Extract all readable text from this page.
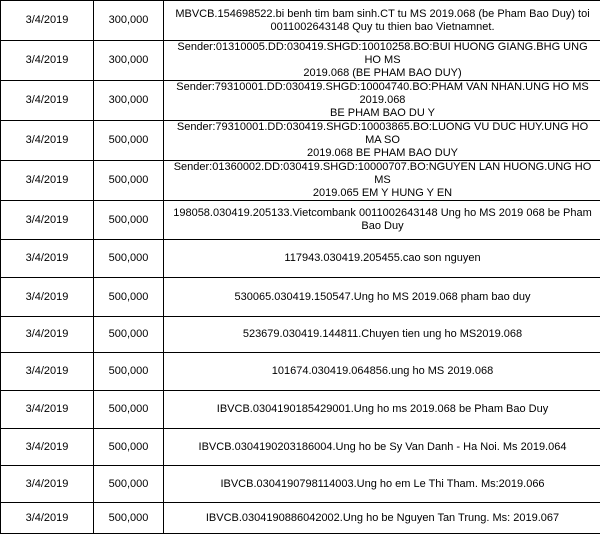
3/4/2019	300,000	MBVCB.154698522.bi benh tim bam sinh.CT tu MS 2019.068 (be Pham Bao Duy) toi
0011002643148 Quy tu thien bao Vietnamnet.

3/4/2019	300,000	Sender:01310005.DD:030419.SHGD:10010258.BO:BUI HUONG GIANG.BHG UNG HO MS
2019.068 (BE PHAM BAO DUY)

3/4/2019	300,000	Sender:79310001.DD:030419.SHGD:10004740.BO:PHAM VAN NHAN.UNG HO MS 2019.068
BE PHAM BAO DU Y

3/4/2019	500,000	Sender:79310001.DD:030419.SHGD:10003865.BO:LUONG VU DUC HUY.UNG HO MA SO
2019.068 BE PHAM BAO DUY

3/4/2019	500,000	Sender:01360002.DD:030419.SHGD:10000707.BO:NGUYEN LAN HUONG.UNG HO MS
2019.065 EM Y HUNG Y EN

3/4/2019	500,000	198058.030419.205133.Vietcombank 0011002643148 Ung ho MS 2019 068 be Pham Bao Duy

3/4/2019	500,000	117943.030419.205455.cao son nguyen

3/4/2019	500,000	530065.030419.150547.Ung ho MS 2019.068 pham bao duy

3/4/2019	500,000	523679.030419.144811.Chuyen tien ung ho MS2019.068

3/4/2019	500,000	101674.030419.064856.ung ho MS 2019.068

3/4/2019	500,000	IBVCB.0304190185429001.Ung ho ms 2019.068 be Pham Bao Duy

3/4/2019	500,000	IBVCB.0304190203186004.Ung ho be Sy Van Danh - Ha Noi. Ms 2019.064

3/4/2019	500,000	IBVCB.0304190798114003.Ung ho em Le Thi Tham. Ms:2019.066

3/4/2019	500,000	IBVCB.0304190886042002.Ung ho be Nguyen Tan Trung. Ms: 2019.067
